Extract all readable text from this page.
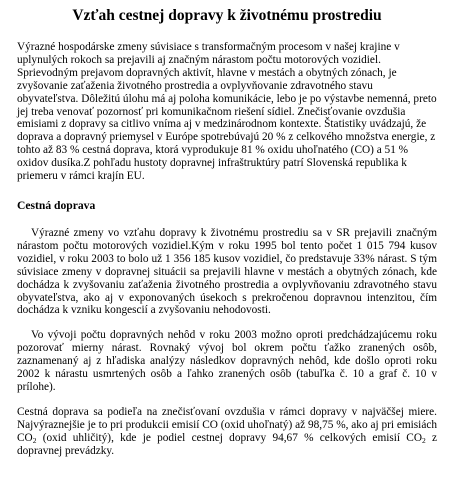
Vzťah cestnej dopravy k životnému prostrediu

Výrazné hospodárske zmeny súvisiace s transformačným procesom v našej krajine v uplynulých rokoch sa prejavili aj značným nárastom počtu motorových vozidiel. Sprievodným prejavom dopravných aktivít, hlavne v mestách a obytných zónach, je zvyšovanie zaťaženia životného prostredia a ovplyvňovanie zdravotného stavu obyvateľstva. Dôležitú úlohu má aj poloha komunikácie, lebo je po výstavbe nemenná, preto jej treba venovať pozornosť pri komunikačnom riešení sídiel. Znečisťovanie ovzdušia emisiami z dopravy sa citlivo vníma aj v medzinárodnom kontexte. Štatistiky uvádzajú, že doprava a dopravný priemysel v Európe spotrebúvajú 20 % z celkového množstva energie, z tohto až 83 % cestná doprava, ktorá vyprodukuje 81 % oxidu uhoľnatého (CO) a 51 % oxidov dusíka.Z pohľadu hustoty dopravnej infraštruktúry patrí Slovenská republika k priemeru v rámci krajín EU.

Cestná doprava

Výrazné zmeny vo vzťahu dopravy k životnému prostrediu sa v SR prejavili značným nárastom počtu motorových vozidiel.Kým v roku 1995 bol tento počet 1 015 794 kusov vozidiel, v roku 2003 to bolo už 1 356 185 kusov vozidiel, čo predstavuje 33% nárast. S tým súvisiace zmeny v dopravnej situácii sa prejavili hlavne v mestách a obytných zónach, kde dochádza k zvyšovaniu zaťaženia životného prostredia a ovplyvňovaniu zdravotného stavu obyvateľstva, ako aj v exponovaných úsekoch s prekročenou dopravnou intenzitou, čím dochádza k vzniku kongescií a zvyšovaniu nehodovosti.

Vo vývoji počtu dopravných nehôd v roku 2003 možno oproti predchádzajúcemu roku pozorovať mierny nárast. Rovnaký vývoj bol okrem počtu ťažko zranených osôb, zaznamenaný aj z hľadiska analýzy následkov dopravných nehôd, kde došlo oproti roku 2002 k nárastu usmrtených osôb a ľahko zranených osôb (tabuľka č. 10 a graf č. 10 v prílohe).

Cestná doprava sa podieľa na znečisťovaní ovzdušia v rámci dopravy v najväčšej miere. Najvýraznejšie je to pri produkcii emisií CO (oxid uhoľnatý) až 98,75 %, ako aj pri emisiách $CO_2$ (oxid uhličitý), kde je podiel cestnej dopravy 94,67 % celkových emisií $CO_2$ z dopravnej prevádzky.
